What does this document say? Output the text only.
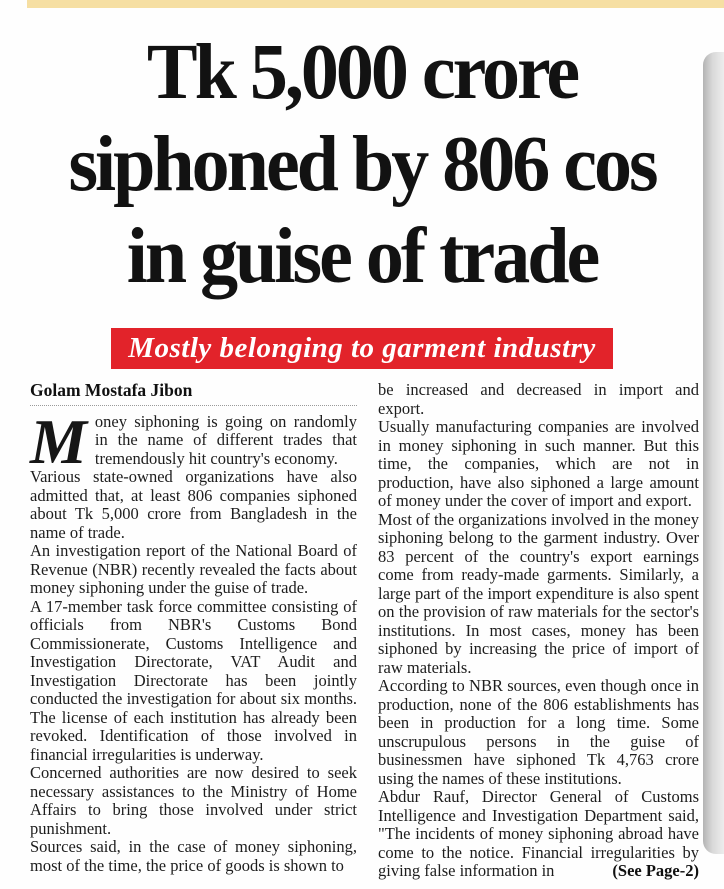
Tk 5,000 crore
siphoned by 806 cos
in guise of trade
Mostly belonging to garment industry
Golam Mostafa Jibon

Money siphoning is going on randomly in the name of different trades that tremendously hit country's economy.

Various state-owned organizations have also admitted that, at least 806 companies siphoned about Tk 5,000 crore from Bangladesh in the name of trade.

An investigation report of the National Board of Revenue (NBR) recently revealed the facts about money siphoning under the guise of trade.

A 17-member task force committee consisting of officials from NBR's Customs Bond Commissionerate, Customs Intelligence and Investigation Directorate, VAT Audit and Investigation Directorate has been jointly conducted the investigation for about six months. The license of each institution has already been revoked. Identification of those involved in financial irregularities is underway.

Concerned authorities are now desired to seek necessary assistances to the Ministry of Home Affairs to bring those involved under strict punishment.

Sources said, in the case of money siphoning, most of the time, the price of goods is shown to

be increased and decreased in import and export.

Usually manufacturing companies are involved in money siphoning in such manner. But this time, the companies, which are not in production, have also siphoned a large amount of money under the cover of import and export.

Most of the organizations involved in the money siphoning belong to the garment industry. Over 83 percent of the country's export earnings come from ready-made garments. Similarly, a large part of the import expenditure is also spent on the provision of raw materials for the sector's institutions. In most cases, money has been siphoned by increasing the price of import of raw materials.

According to NBR sources, even though once in production, none of the 806 establishments has been in production for a long time. Some unscrupulous persons in the guise of businessmen have siphoned Tk 4,763 crore using the names of these institutions.

Abdur Rauf, Director General of Customs Intelligence and Investigation Department said, "The incidents of money siphoning abroad have come to the notice. Financial irregularities by giving false information in	(See Page-2)
